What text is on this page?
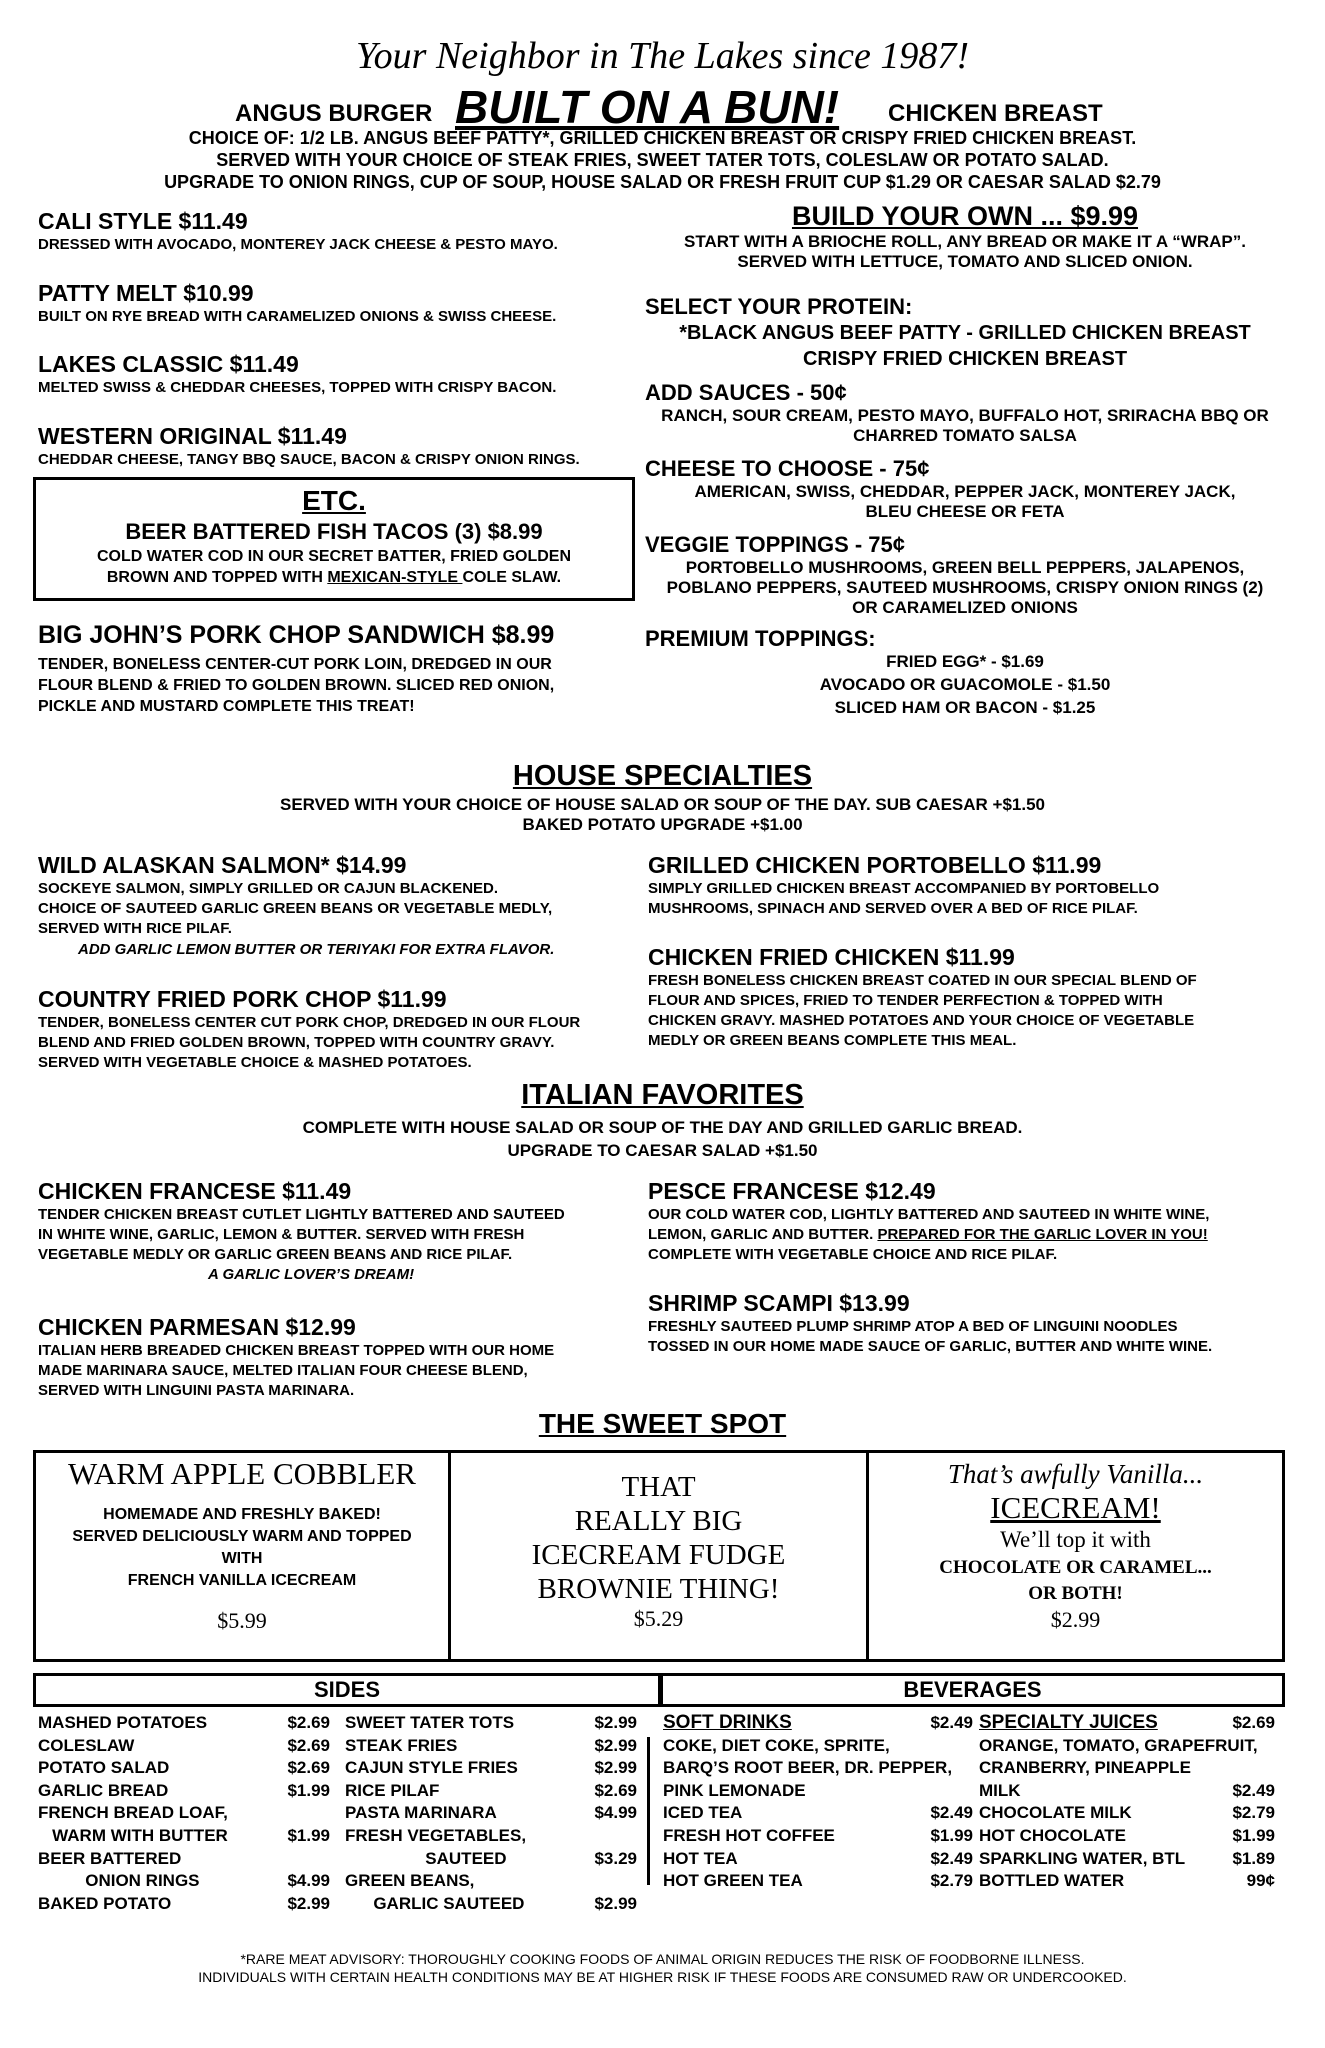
Your Neighbor in The Lakes since 1987!
ANGUS BURGER BUILT ON A BUN! CHICKEN BREAST
CHOICE OF: 1/2 LB. ANGUS BEEF PATTY*, GRILLED CHICKEN BREAST OR CRISPY FRIED CHICKEN BREAST.
SERVED WITH YOUR CHOICE OF STEAK FRIES, SWEET TATER TOTS, COLESLAW OR POTATO SALAD.
UPGRADE TO ONION RINGS, CUP OF SOUP, HOUSE SALAD OR FRESH FRUIT CUP $1.29 OR CAESAR SALAD $2.79
CALI STYLE $11.49
DRESSED WITH AVOCADO, MONTEREY JACK CHEESE & PESTO MAYO.
PATTY MELT $10.99
BUILT ON RYE BREAD WITH CARAMELIZED ONIONS & SWISS CHEESE.
LAKES CLASSIC $11.49
MELTED SWISS & CHEDDAR CHEESES, TOPPED WITH CRISPY BACON.
WESTERN ORIGINAL $11.49
CHEDDAR CHEESE, TANGY BBQ SAUCE, BACON & CRISPY ONION RINGS.
ETC.
BEER BATTERED FISH TACOS (3) $8.99
COLD WATER COD IN OUR SECRET BATTER, FRIED GOLDEN
BROWN AND TOPPED WITH MEXICAN-STYLE COLE SLAW.
BIG JOHN’S PORK CHOP SANDWICH $8.99
TENDER, BONELESS CENTER-CUT PORK LOIN, DREDGED IN OUR
FLOUR BLEND & FRIED TO GOLDEN BROWN. SLICED RED ONION,
PICKLE AND MUSTARD COMPLETE THIS TREAT!
BUILD YOUR OWN ... $9.99
START WITH A BRIOCHE ROLL, ANY BREAD OR MAKE IT A “WRAP”.
SERVED WITH LETTUCE, TOMATO AND SLICED ONION.
SELECT YOUR PROTEIN:
*BLACK ANGUS BEEF PATTY - GRILLED CHICKEN BREAST
CRISPY FRIED CHICKEN BREAST
ADD SAUCES - 50¢
RANCH, SOUR CREAM, PESTO MAYO, BUFFALO HOT, SRIRACHA BBQ OR
CHARRED TOMATO SALSA
CHEESE TO CHOOSE - 75¢
AMERICAN, SWISS, CHEDDAR, PEPPER JACK, MONTEREY JACK,
BLEU CHEESE OR FETA
VEGGIE TOPPINGS - 75¢
PORTOBELLO MUSHROOMS, GREEN BELL PEPPERS, JALAPENOS,
POBLANO PEPPERS, SAUTEED MUSHROOMS, CRISPY ONION RINGS (2)
OR CARAMELIZED ONIONS
PREMIUM TOPPINGS:
FRIED EGG* - $1.69
AVOCADO OR GUACOMOLE - $1.50
SLICED HAM OR BACON - $1.25
HOUSE SPECIALTIES
SERVED WITH YOUR CHOICE OF HOUSE SALAD OR SOUP OF THE DAY. SUB CAESAR +$1.50
BAKED POTATO UPGRADE +$1.00
WILD ALASKAN SALMON* $14.99
SOCKEYE SALMON, SIMPLY GRILLED OR CAJUN BLACKENED.
CHOICE OF SAUTEED GARLIC GREEN BEANS OR VEGETABLE MEDLY,
SERVED WITH RICE PILAF.
ADD GARLIC LEMON BUTTER OR TERIYAKI FOR EXTRA FLAVOR.
COUNTRY FRIED PORK CHOP $11.99
TENDER, BONELESS CENTER CUT PORK CHOP, DREDGED IN OUR FLOUR
BLEND AND FRIED GOLDEN BROWN, TOPPED WITH COUNTRY GRAVY.
SERVED WITH VEGETABLE CHOICE & MASHED POTATOES.
GRILLED CHICKEN PORTOBELLO $11.99
SIMPLY GRILLED CHICKEN BREAST ACCOMPANIED BY PORTOBELLO
MUSHROOMS, SPINACH AND SERVED OVER A BED OF RICE PILAF.
CHICKEN FRIED CHICKEN $11.99
FRESH BONELESS CHICKEN BREAST COATED IN OUR SPECIAL BLEND OF
FLOUR AND SPICES, FRIED TO TENDER PERFECTION & TOPPED WITH
CHICKEN GRAVY. MASHED POTATOES AND YOUR CHOICE OF VEGETABLE
MEDLY OR GREEN BEANS COMPLETE THIS MEAL.
ITALIAN FAVORITES
COMPLETE WITH HOUSE SALAD OR SOUP OF THE DAY AND GRILLED GARLIC BREAD.
UPGRADE TO CAESAR SALAD +$1.50
CHICKEN FRANCESE $11.49
TENDER CHICKEN BREAST CUTLET LIGHTLY BATTERED AND SAUTEED
IN WHITE WINE, GARLIC, LEMON & BUTTER. SERVED WITH FRESH
VEGETABLE MEDLY OR GARLIC GREEN BEANS AND RICE PILAF.
A GARLIC LOVER’S DREAM!
CHICKEN PARMESAN $12.99
ITALIAN HERB BREADED CHICKEN BREAST TOPPED WITH OUR HOME
MADE MARINARA SAUCE, MELTED ITALIAN FOUR CHEESE BLEND,
SERVED WITH LINGUINI PASTA MARINARA.
PESCE FRANCESE $12.49
OUR COLD WATER COD, LIGHTLY BATTERED AND SAUTEED IN WHITE WINE,
LEMON, GARLIC AND BUTTER. PREPARED FOR THE GARLIC LOVER IN YOU!
COMPLETE WITH VEGETABLE CHOICE AND RICE PILAF.
SHRIMP SCAMPI $13.99
FRESHLY SAUTEED PLUMP SHRIMP ATOP A BED OF LINGUINI NOODLES
TOSSED IN OUR HOME MADE SAUCE OF GARLIC, BUTTER AND WHITE WINE.
THE SWEET SPOT
WARM APPLE COBBLER
HOMEMADE AND FRESHLY BAKED!
SERVED DELICIOUSLY WARM AND TOPPED
WITH
FRENCH VANILLA ICECREAM
$5.99
THAT
REALLY BIG
ICECREAM FUDGE
BROWNIE THING!
$5.29
That’s awfully Vanilla...
ICECREAM!
We’ll top it with
CHOCOLATE OR CARAMEL...
OR BOTH!
$2.99
SIDES	BEVERAGES
MASHED POTATOES	$2.69
COLESLAW	$2.69
POTATO SALAD	$2.69
GARLIC BREAD	$1.99
FRENCH BREAD LOAF,	
WARM WITH BUTTER	$1.99
BEER BATTERED	
ONION RINGS	$4.99
BAKED POTATO	$2.99
SWEET TATER TOTS	$2.99
STEAK FRIES	$2.99
CAJUN STYLE FRIES	$2.99
RICE PILAF	$2.69
PASTA MARINARA	$4.99
FRESH VEGETABLES,	
SAUTEED	$3.29
GREEN BEANS,	
GARLIC SAUTEED	$2.99
SOFT DRINKS	$2.49
COKE, DIET COKE, SPRITE,
BARQ’S ROOT BEER, DR. PEPPER,
PINK LEMONADE
ICED TEA	$2.49
FRESH HOT COFFEE	$1.99
HOT TEA	$2.49
HOT GREEN TEA	$2.79
SPECIALTY JUICES	$2.69
ORANGE, TOMATO, GRAPEFRUIT,
CRANBERRY, PINEAPPLE
MILK	$2.49
CHOCOLATE MILK	$2.79
HOT CHOCOLATE	$1.99
SPARKLING WATER, BTL	$1.89
BOTTLED WATER	99¢
*RARE MEAT ADVISORY: THOROUGHLY COOKING FOODS OF ANIMAL ORIGIN REDUCES THE RISK OF FOODBORNE ILLNESS.
INDIVIDUALS WITH CERTAIN HEALTH CONDITIONS MAY BE AT HIGHER RISK IF THESE FOODS ARE CONSUMED RAW OR UNDERCOOKED.
